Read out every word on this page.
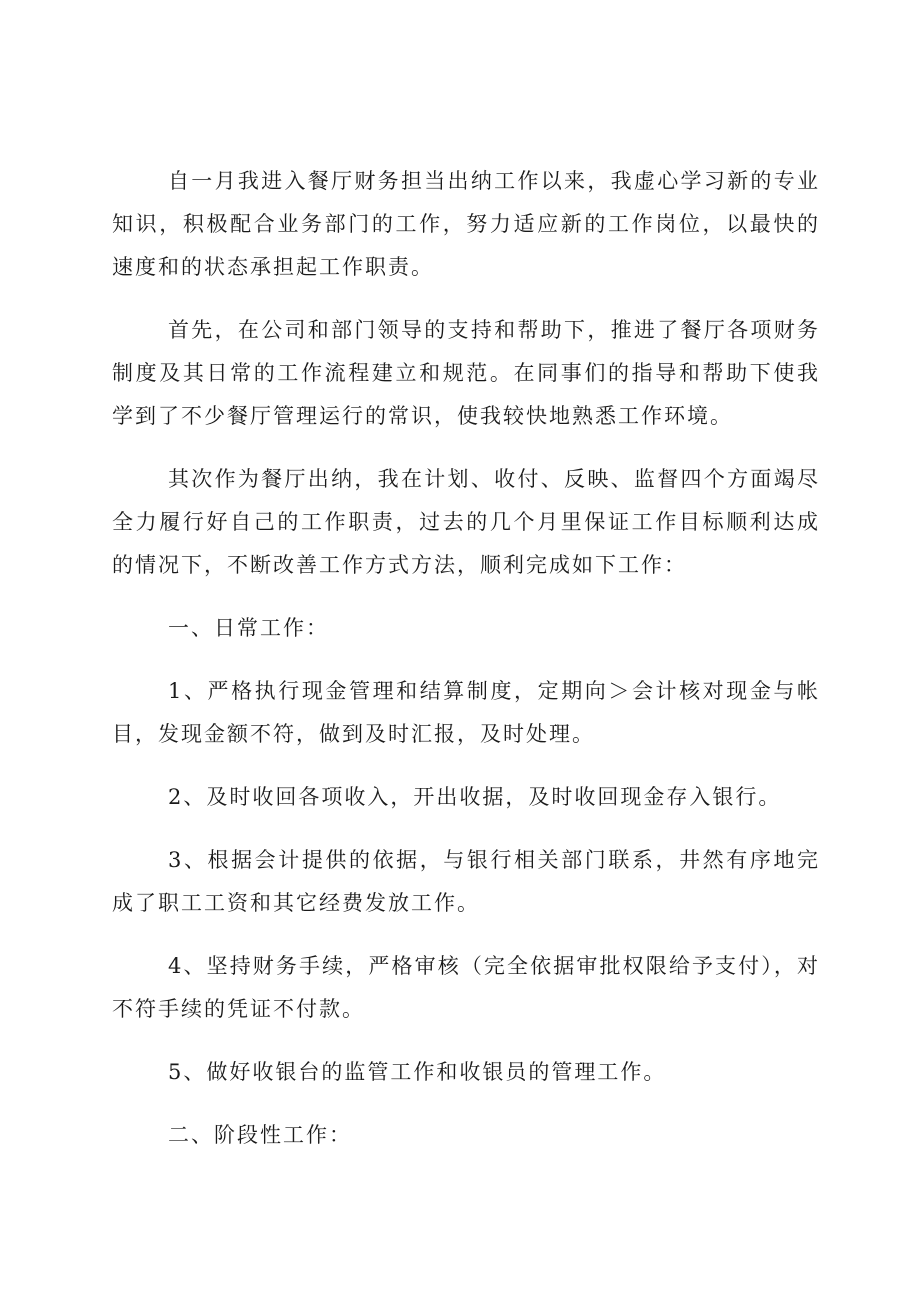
自一月我进入餐厅财务担当出纳工作以来，我虚心学习新的专业知识，积极配合业务部门的工作，努力适应新的工作岗位，以最快的速度和的状态承担起工作职责。

首先，在公司和部门领导的支持和帮助下，推进了餐厅各项财务制度及其日常的工作流程建立和规范。在同事们的指导和帮助下使我学到了不少餐厅管理运行的常识，使我较快地熟悉工作环境。

其次作为餐厅出纳，我在计划、收付、反映、监督四个方面竭尽全力履行好自己的工作职责，过去的几个月里保证工作目标顺利达成的情况下，不断改善工作方式方法，顺利完成如下工作：

一、日常工作：

1、严格执行现金管理和结算制度，定期向＞会计核对现金与帐目，发现金额不符，做到及时汇报，及时处理。

2、及时收回各项收入，开出收据，及时收回现金存入银行。

3、根据会计提供的依据，与银行相关部门联系，井然有序地完成了职工工资和其它经费发放工作。

4、坚持财务手续，严格审核（完全依据审批权限给予支付），对不符手续的凭证不付款。

5、做好收银台的监管工作和收银员的管理工作。

二、阶段性工作：
